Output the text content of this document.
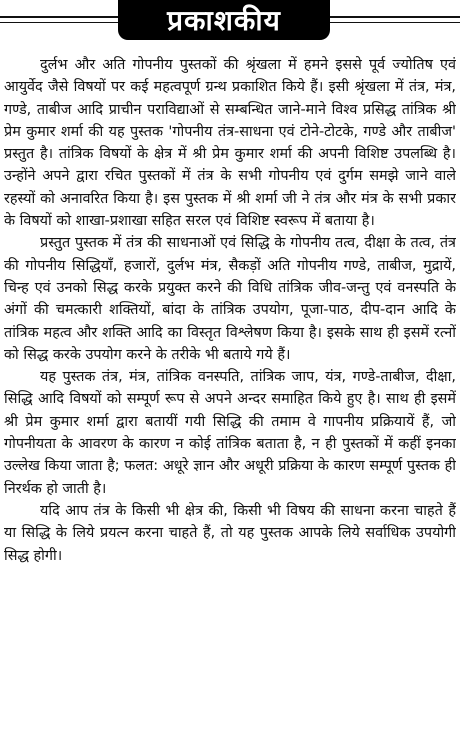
प्रकाशकीय

दुर्लभ और अति गोपनीय पुस्तकों की श्रृंखला में हमने इससे पूर्व ज्योतिष एवं आयुर्वेद जैसे विषयों पर कई महत्वपूर्ण ग्रन्थ प्रकाशित किये हैं। इसी श्रृंखला में तंत्र, मंत्र, गण्डे, ताबीज आदि प्राचीन पराविद्याओं से सम्बन्धित जाने-माने विश्व प्रसिद्ध तांत्रिक श्री प्रेम कुमार शर्मा की यह पुस्तक 'गोपनीय तंत्र-साधना एवं टोने-टोटके, गण्डे और ताबीज' प्रस्तुत है। तांत्रिक विषयों के क्षेत्र में श्री प्रेम कुमार शर्मा की अपनी विशिष्ट उपलब्धि है। उन्होंने अपने द्वारा रचित पुस्तकों में तंत्र के सभी गोपनीय एवं दुर्गम समझे जाने वाले रहस्यों को अनावरित किया है। इस पुस्तक में श्री शर्मा जी ने तंत्र और मंत्र के सभी प्रकार के विषयों को शाखा-प्रशाखा सहित सरल एवं विशिष्ट स्वरूप में बताया है।

प्रस्तुत पुस्तक में तंत्र की साधनाओं एवं सिद्धि के गोपनीय तत्व, दीक्षा के तत्व, तंत्र की गोपनीय सिद्धियाँ, हजारों, दुर्लभ मंत्र, सैकड़ों अति गोपनीय गण्डे, ताबीज, मुद्रायें, चिन्ह एवं उनको सिद्ध करके प्रयुक्त करने की विधि तांत्रिक जीव-जन्तु एवं वनस्पति के अंगों की चमत्कारी शक्तियों, बांदा के तांत्रिक उपयोग, पूजा-पाठ, दीप-दान आदि के तांत्रिक महत्व और शक्ति आदि का विस्तृत विश्लेषण किया है। इसके साथ ही इसमें रत्नों को सिद्ध करके उपयोग करने के तरीके भी बताये गये हैं।

यह पुस्तक तंत्र, मंत्र, तांत्रिक वनस्पति, तांत्रिक जाप, यंत्र, गण्डे-ताबीज, दीक्षा, सिद्धि आदि विषयों को सम्पूर्ण रूप से अपने अन्दर समाहित किये हुए है। साथ ही इसमें श्री प्रेम कुमार शर्मा द्वारा बतायीं गयी सिद्धि की तमाम वे गापनीय प्रक्रियायें हैं, जो गोपनीयता के आवरण के कारण न कोई तांत्रिक बताता है, न ही पुस्तकों में कहीं इनका उल्लेख किया जाता है; फलत: अधूरे ज्ञान और अधूरी प्रक्रिया के कारण सम्पूर्ण पुस्तक ही निरर्थक हो जाती है।

यदि आप तंत्र के किसी भी क्षेत्र की, किसी भी विषय की साधना करना चाहते हैं या सिद्धि के लिये प्रयत्न करना चाहते हैं, तो यह पुस्तक आपके लिये सर्वाधिक उपयोगी सिद्ध होगी।
